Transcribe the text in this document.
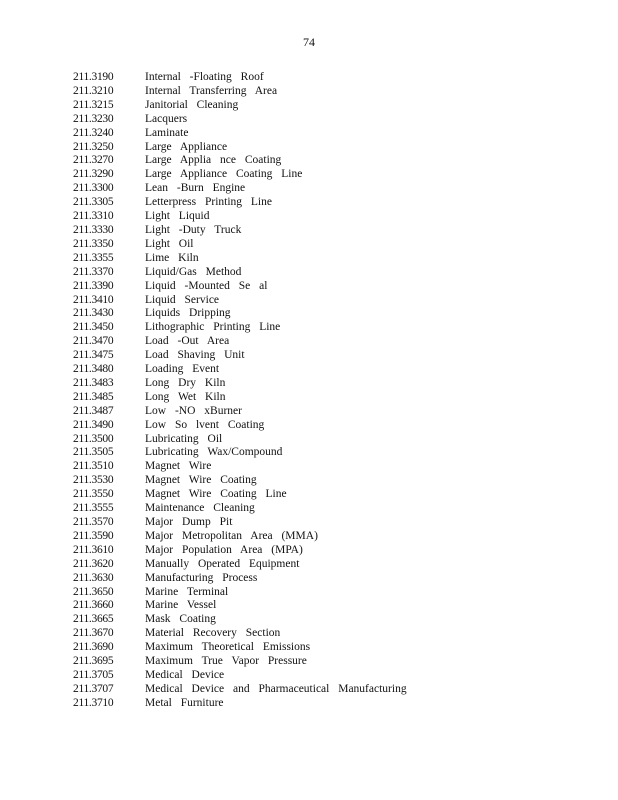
74
211.3190	Internal -Floating Roof
211.3210	Internal Transferring Area
211.3215	Janitorial Cleaning
211.3230	Lacquers
211.3240	Laminate
211.3250	Large Appliance
211.3270	Large Applia nce Coating
211.3290	Large Appliance Coating Line
211.3300	Lean -Burn Engine
211.3305	Letterpress Printing Line
211.3310	Light Liquid
211.3330	Light -Duty Truck
211.3350	Light Oil
211.3355	Lime Kiln
211.3370	Liquid/Gas Method
211.3390	Liquid -Mounted Se al
211.3410	Liquid Service
211.3430	Liquids Dripping
211.3450	Lithographic Printing Line
211.3470	Load -Out Area
211.3475	Load Shaving Unit
211.3480	Loading Event
211.3483	Long Dry Kiln
211.3485	Long Wet Kiln
211.3487	Low -NO xBurner
211.3490	Low So lvent Coating
211.3500	Lubricating Oil
211.3505	Lubricating Wax/Compound
211.3510	Magnet Wire
211.3530	Magnet Wire Coating
211.3550	Magnet Wire Coating Line
211.3555	Maintenance Cleaning
211.3570	Major Dump Pit
211.3590	Major Metropolitan Area (MMA)
211.3610	Major Population Area (MPA)
211.3620	Manually Operated Equipment
211.3630	Manufacturing Process
211.3650	Marine Terminal
211.3660	Marine Vessel
211.3665	Mask Coating
211.3670	Material Recovery Section
211.3690	Maximum Theoretical Emissions
211.3695	Maximum True Vapor Pressure
211.3705	Medical Device
211.3707	Medical Device and Pharmaceutical Manufacturing
211.3710	Metal Furniture
